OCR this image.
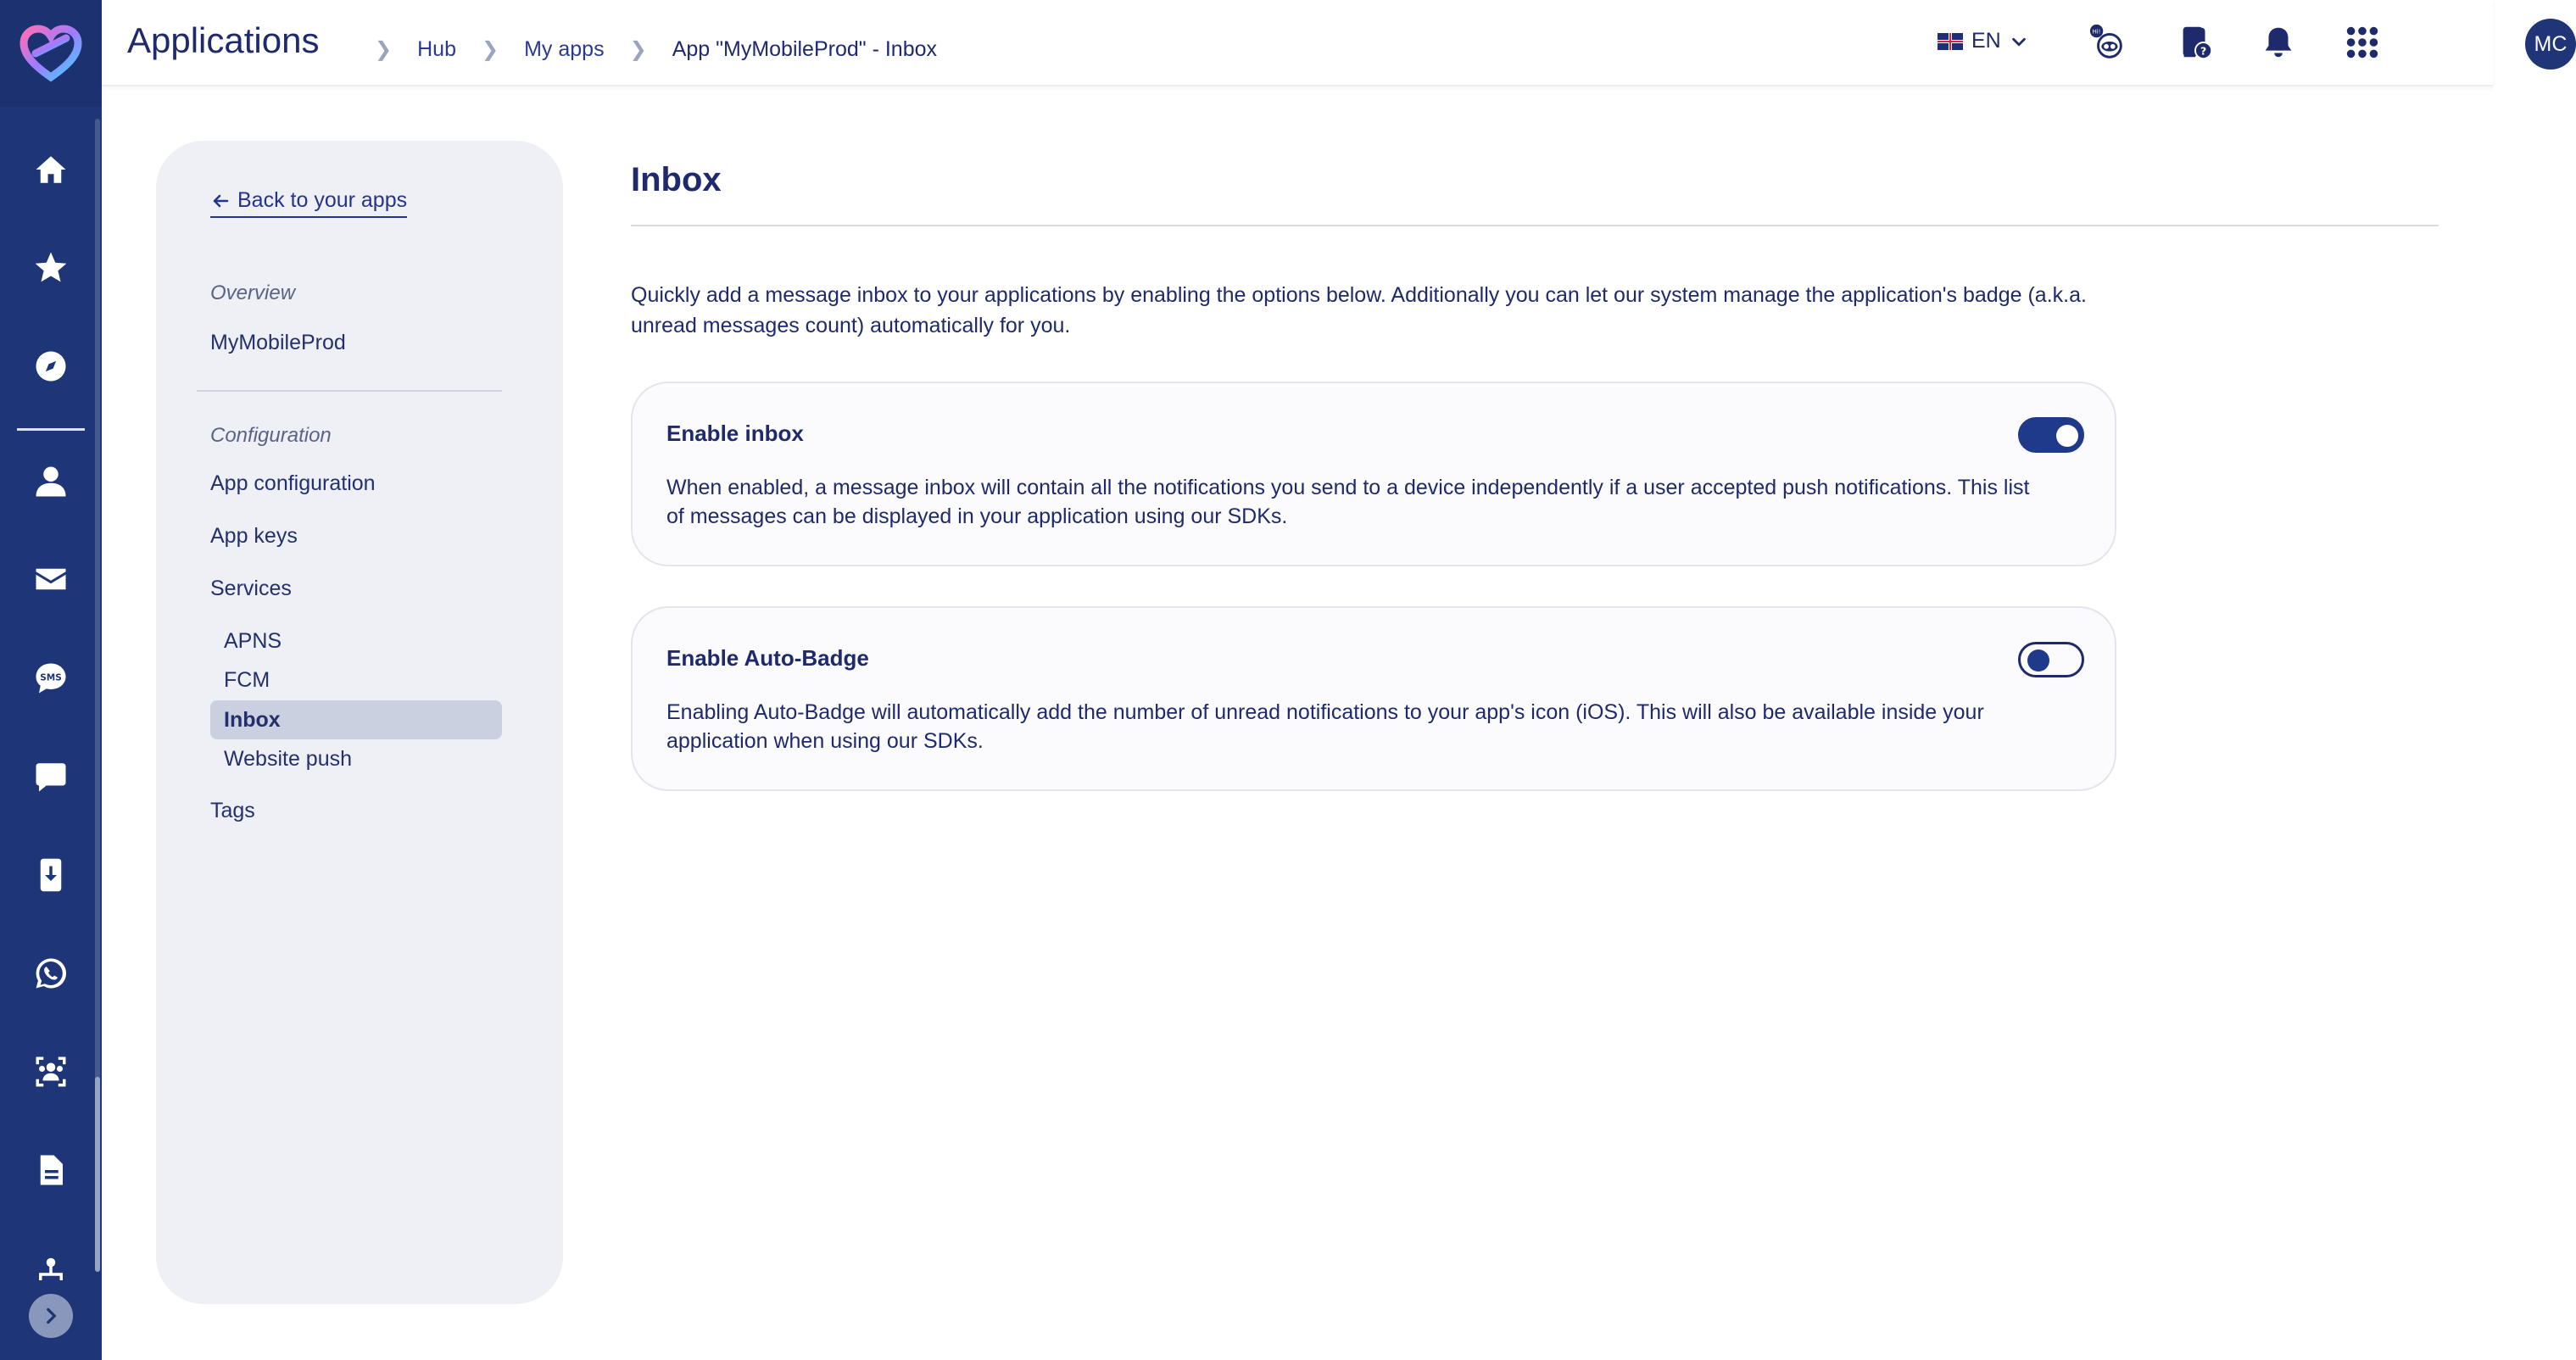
SMS
Applications	❯ Hub ❯ My apps ❯ App "MyMobileProd" - Inbox	EN	Hi!
?	MC
Back to your apps
Overview
MyMobileProd
Configuration
App configuration
App keys
Services
APNS
FCM
Inbox
Website push
Tags
Inbox
Quickly add a message inbox to your applications by enabling the options below. Additionally you can let our system manage the application's badge (a.k.a. unread messages count) automatically for you.
Enable inbox
When enabled, a message inbox will contain all the notifications you send to a device independently if a user accepted push notifications. This list of messages can be displayed in your application using our SDKs.
Enable Auto-Badge
Enabling Auto-Badge will automatically add the number of unread notifications to your app's icon (iOS). This will also be available inside your application when using our SDKs.
